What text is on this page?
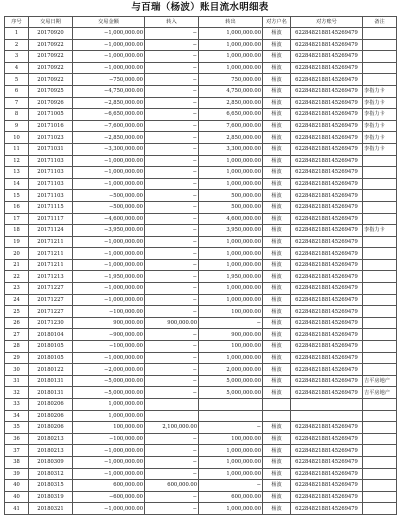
与百瑞（杨波）账目流水明细表
序号	交易日期	交易金额	转入	转出	对方户名	对方账号	备注
1	20170920	−1,000,000.00	−	1,000,000.00	杨波	6228482188145269479	
2	20170922	−1,000,000.00	−	1,000,000.00	杨波	6228482188145269479	
3	20170922	−1,000,000.00	−	1,000,000.00	杨波	6228482188145269479	
4	20170922	−1,000,000.00	−	1,000,000.00	杨波	6228482188145269479	
5	20170922	−750,000.00	−	750,000.00	杨波	6228482188145269479	
6	20170925	−4,750,000.00	−	4,750,000.00	杨波	6228482188145269479	李指力卡
7	20170926	−2,850,000.00	−	2,850,000.00	杨波	6228482188145269479	李指力卡
8	20171005	−6,650,000.00	−	6,650,000.00	杨波	6228482188145269479	李指力卡
9	20171016	−7,600,000.00	−	7,600,000.00	杨波	6228482188145269479	李指力卡
10	20171023	−2,850,000.00	−	2,850,000.00	杨波	6228482188145269479	李指力卡
11	20171031	−3,300,000.00	−	3,300,000.00	杨波	6228482188145269479	李指力卡
12	20171103	−1,000,000.00	−	1,000,000.00	杨波	6228482188145269479	
13	20171103	−1,000,000.00	−	1,000,000.00	杨波	6228482188145269479	
14	20171103	−1,000,000.00	−	1,000,000.00	杨波	6228482188145269479	
15	20171103	−500,000.00	−	500,000.00	杨波	6228482188145269479	
16	20171115	−500,000.00	−	500,000.00	杨波	6228482188145269479	
17	20171117	−4,600,000.00	−	4,600,000.00	杨波	6228482188145269479	
18	20171124	−3,950,000.00	−	3,950,000.00	杨波	6228482188145269479	李指力卡
19	20171211	−1,000,000.00	−	1,000,000.00	杨波	6228482188145269479	
20	20171211	−1,000,000.00	−	1,000,000.00	杨波	6228482188145269479	
21	20171211	−1,000,000.00	−	1,000,000.00	杨波	6228482188145269479	
22	20171213	−1,950,000.00	−	1,950,000.00	杨波	6228482188145269479	
23	20171227	−1,000,000.00	−	1,000,000.00	杨波	6228482188145269479	
24	20171227	−1,000,000.00	−	1,000,000.00	杨波	6228482188145269479	
25	20171227	−100,000.00	−	100,000.00	杨波	6228482188145269479	
26	20171230	900,000.00	900,000.00	−	杨波	6228482188145269479	
27	20180104	−900,000.00	−	900,000.00	杨波	6228482188145269479	
28	20180105	−100,000.00	−	100,000.00	杨波	6228482188145269479	
29	20180105	−1,000,000.00	−	1,000,000.00	杨波	6228482188145269479	
30	20180122	−2,000,000.00	−	2,000,000.00	杨波	6228482188145269479	
31	20180131	−5,000,000.00	−	5,000,000.00	杨波	6228482188145269479	吉平房地产
32	20180131	−5,000,000.00	−	5,000,000.00	杨波	6228482188145269479	吉平房地产
33	20180206	1,000,000.00					
34	20180206	1,000,000.00					
35	20180206	100,000.00	2,100,000.00	−	杨波	6228482188145269479	
36	20180213	−100,000.00	−	100,000.00	杨波	6228482188145269479	
37	20180213	−1,000,000.00	−	1,000,000.00	杨波	6228482188145269479	
38	20180309	−1,000,000.00	−	1,000,000.00	杨波	6228482188145269479	
39	20180312	−1,000,000.00	−	1,000,000.00	杨波	6228482188145269479	
40	20180315	600,000.00	600,000.00	−	杨波	6228482188145269479	
40	20180319	−600,000.00	−	600,000.00	杨波	6228482188145269479	
41	20180321	−1,000,000.00	−	1,000,000.00	杨波	6228482188145269479	
